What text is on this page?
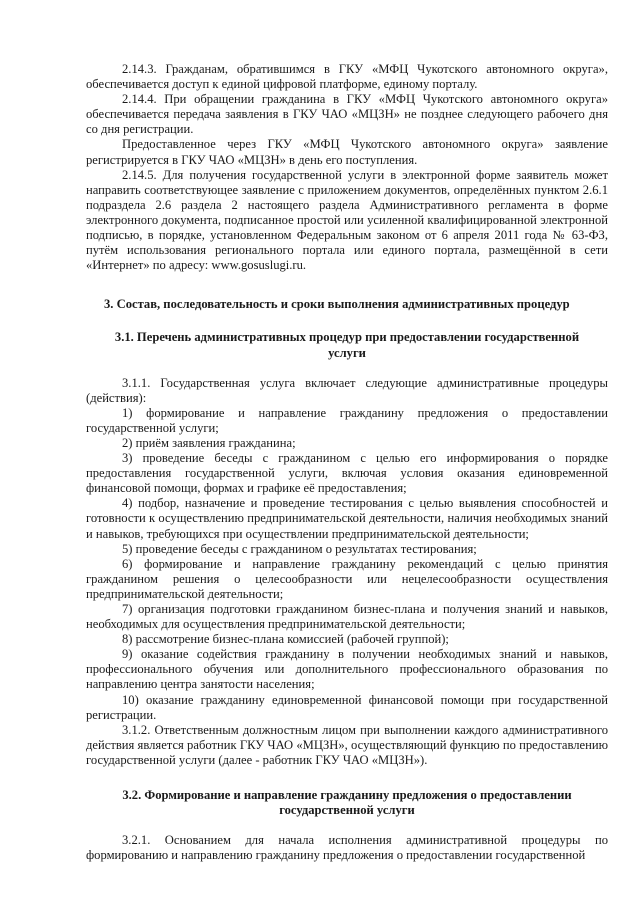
2.14.3. Гражданам, обратившимся в ГКУ «МФЦ Чукотского автономного округа», обеспечивается доступ к единой цифровой платформе, единому порталу.

2.14.4. При обращении гражданина в ГКУ «МФЦ Чукотского автономного округа» обеспечивается передача заявления в ГКУ ЧАО «МЦЗН» не позднее следующего рабочего дня со дня регистрации.

Предоставленное через ГКУ «МФЦ Чукотского автономного округа» заявление регистрируется в ГКУ ЧАО «МЦЗН» в день его поступления.

2.14.5. Для получения государственной услуги в электронной форме заявитель может направить соответствующее заявление с приложением документов, определённых пунктом 2.6.1 подраздела 2.6 раздела 2 настоящего раздела Административного регламента в форме электронного документа, подписанное простой или усиленной квалифицированной электронной подписью, в порядке, установленном Федеральным законом от 6 апреля 2011 года № 63-ФЗ, путём использования регионального портала или единого портала, размещённой в сети «Интернет» по адресу: www.gosuslugi.ru.

3. Состав, последовательность и сроки выполнения административных процедур

3.1. Перечень административных процедур при предоставлении государственной услуги

3.1.1. Государственная услуга включает следующие административные процедуры (действия):

1) формирование и направление гражданину предложения о предоставлении государственной услуги;

2) приём заявления гражданина;

3) проведение беседы с гражданином с целью его информирования о порядке предоставления государственной услуги, включая условия оказания единовременной финансовой помощи, формах и графике её предоставления;

4) подбор, назначение и проведение тестирования с целью выявления способностей и готовности к осуществлению предпринимательской деятельности, наличия необходимых знаний и навыков, требующихся при осуществлении предпринимательской деятельности;

5) проведение беседы с гражданином о результатах тестирования;

6) формирование и направление гражданину рекомендаций с целью принятия гражданином решения о целесообразности или нецелесообразности осуществления предпринимательской деятельности;

7) организация подготовки гражданином бизнес-плана и получения знаний и навыков, необходимых для осуществления предпринимательской деятельности;

8) рассмотрение бизнес-плана комиссией (рабочей группой);

9) оказание содействия гражданину в получении необходимых знаний и навыков, профессионального обучения или дополнительного профессионального образования по направлению центра занятости населения;

10) оказание гражданину единовременной финансовой помощи при государственной регистрации.

3.1.2. Ответственным должностным лицом при выполнении каждого административного действия является работник ГКУ ЧАО «МЦЗН», осуществляющий функцию по предоставлению государственной услуги (далее - работник ГКУ ЧАО «МЦЗН»).

3.2. Формирование и направление гражданину предложения о предоставлении государственной услуги

3.2.1. Основанием для начала исполнения административной процедуры по формированию и направлению гражданину предложения о предоставлении государственной
